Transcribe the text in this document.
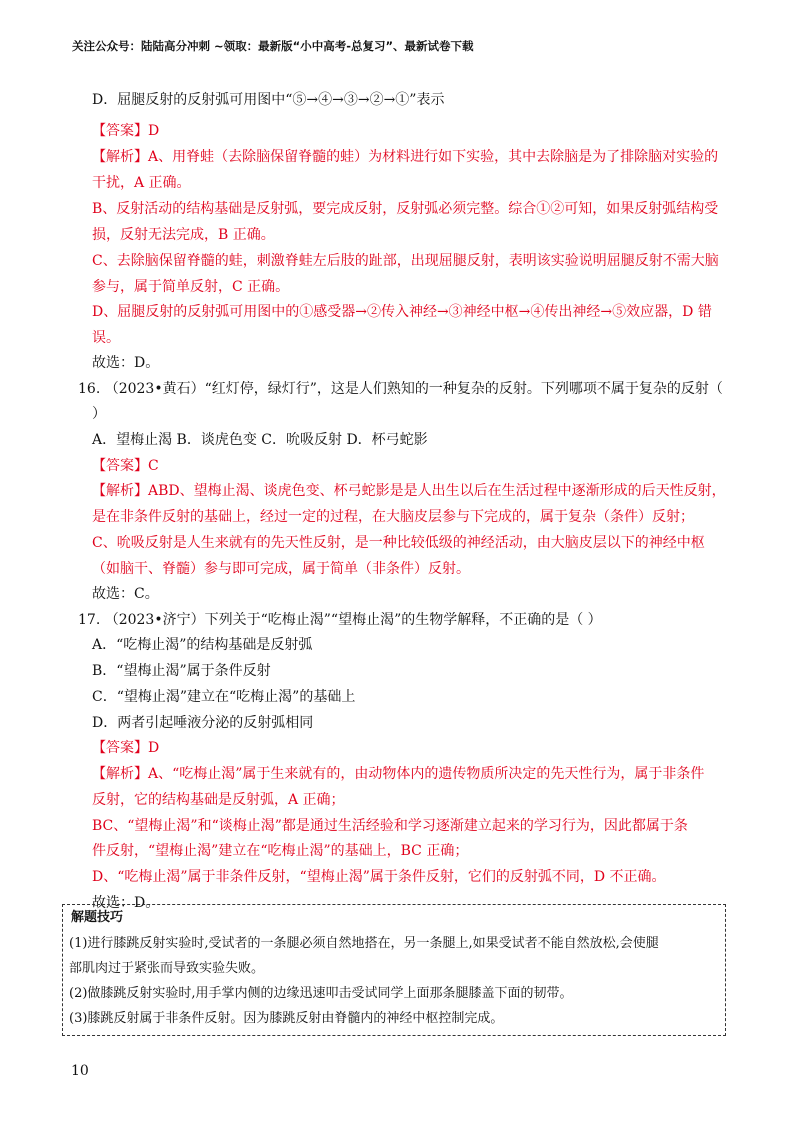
关注公众号：陆陆高分冲刺 ~领取：最新版“小中高考-总复习”、最新试卷下载
D．屈腿反射的反射弧可用图中“⑤→④→③→②→①”表示
【答案】D
【解析】A、用脊蛙（去除脑保留脊髓的蛙）为材料进行如下实验，其中去除脑是为了排除脑对实验的
干扰，A 正确。
B、反射活动的结构基础是反射弧，要完成反射，反射弧必须完整。综合①②可知，如果反射弧结构受
损，反射无法完成，B 正确。
C、去除脑保留脊髓的蛙，刺激脊蛙左后肢的趾部，出现屈腿反射，表明该实验说明屈腿反射不需大脑
参与，属于简单反射，C 正确。
D、屈腿反射的反射弧可用图中的①感受器→②传入神经→③神经中枢→④传出神经→⑤效应器，D 错
误。
故选：D。
16. （2023•黄石）“红灯停，绿灯行”，这是人们熟知的一种复杂的反射。下列哪项不属于复杂的反射（
）
A．望梅止渴 B．谈虎色变 C．吮吸反射 D．杯弓蛇影
【答案】C
【解析】ABD、望梅止渴、谈虎色变、杯弓蛇影是是人出生以后在生活过程中逐渐形成的后天性反射，
是在非条件反射的基础上，经过一定的过程，在大脑皮层参与下完成的，属于复杂（条件）反射；
C、吮吸反射是人生来就有的先天性反射，是一种比较低级的神经活动，由大脑皮层以下的神经中枢
（如脑干、脊髓）参与即可完成，属于简单（非条件）反射。
故选：C。
17. （2023•济宁）下列关于“吃梅止渴”“望梅止渴”的生物学解释，不正确的是（ ）
A．“吃梅止渴”的结构基础是反射弧
B．“望梅止渴”属于条件反射
C．“望梅止渴”建立在“吃梅止渴”的基础上
D．两者引起唾液分泌的反射弧相同
【答案】D
【解析】A、“吃梅止渴”属于生来就有的，由动物体内的遗传物质所决定的先天性行为，属于非条件
反射，它的结构基础是反射弧，A 正确；
BC、“望梅止渴”和“谈梅止渴”都是通过生活经验和学习逐渐建立起来的学习行为，因此都属于条
件反射，“望梅止渴”建立在“吃梅止渴”的基础上，BC 正确；
D、“吃梅止渴”属于非条件反射，“望梅止渴”属于条件反射，它们的反射弧不同，D 不正确。
故选：D。
解题技巧
(1)进行膝跳反射实验时,受试者的一条腿必须自然地搭在，另一条腿上,如果受试者不能自然放松,会使腿
部肌肉过于紧张而导致实验失败。
(2)做膝跳反射实验时,用手掌内侧的边缘迅速叩击受试同学上面那条腿膝盖下面的韧带。
(3)膝跳反射属于非条件反射。因为膝跳反射由脊髓内的神经中枢控制完成。
10
